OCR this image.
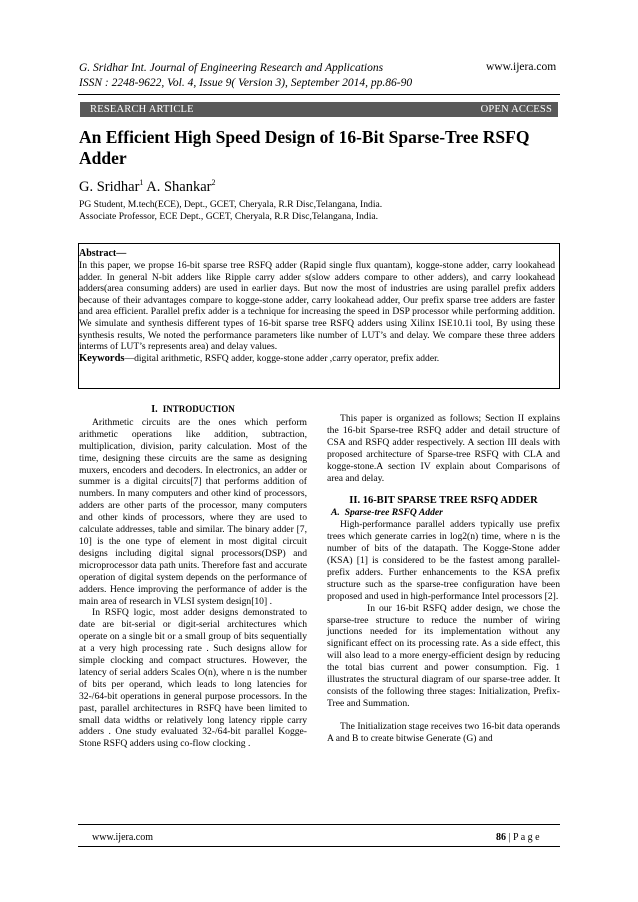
G. Sridhar Int. Journal of Engineering Research and Applications	www.ijera.com
ISSN : 2248-9622, Vol. 4, Issue 9( Version 3), September 2014, pp.86-90
RESEARCH ARTICLE	OPEN ACCESS
An Efficient High Speed Design of 16-Bit Sparse-Tree RSFQ
Adder
G. Sridhar$^1$ A. Shankar$^2$
PG Student, M.tech(ECE), Dept., GCET, Cheryala, R.R Disc,Telangana, India.
Associate Professor, ECE Dept., GCET, Cheryala, R.R Disc,Telangana, India.
Abstract—
In this paper, we propse 16-bit sparse tree RSFQ adder (Rapid single flux quantam), kogge-stone adder, carry lookahead adder. In general N-bit adders like Ripple carry adder s(slow adders compare to other adders), and carry lookahead adders(area consuming adders) are used in earlier days. But now the most of industries are using parallel prefix adders because of their advantages compare to kogge-stone adder, carry lookahead adder, Our prefix sparse tree adders are faster and area efficient. Parallel prefix adder is a technique for increasing the speed in DSP processor while performing addition. We simulate and synthesis different types of 16-bit sparse tree RSFQ adders using Xilinx ISE10.1i tool, By using these synthesis results, We noted the performance parameters like number of LUT’s and delay. We compare these three adders interms of LUT’s represents area) and delay values.
Keywords—digital arithmetic, RSFQ adder, kogge-stone adder ,carry operator, prefix adder.
I. INTRODUCTION

Arithmetic circuits are the ones which perform arithmetic operations like addition, subtraction, multiplication, division, parity calculation. Most of the time, designing these circuits are the same as designing muxers, encoders and decoders. In electronics, an adder or summer is a digital circuits[7] that performs addition of numbers. In many computers and other kind of processors, adders are other parts of the processor, many computers and other kinds of processors, where they are used to calculate addresses, table and similar. The binary adder [7, 10] is the one type of element in most digital circuit designs including digital signal processors(DSP) and microprocessor data path units. Therefore fast and accurate operation of digital system depends on the performance of adders. Hence improving the performance of adder is the main area of research in VLSI system design[10] .

In RSFQ logic, most adder designs demonstrated to date are bit-serial or digit-serial architectures which operate on a single bit or a small group of bits sequentially at a very high processing rate . Such designs allow for simple clocking and compact structures. However, the latency of serial adders Scales O(n), where n is the number of bits per operand, which leads to long latencies for 32-/64-bit operations in general purpose processors. In the past, parallel architectures in RSFQ have been limited to small data widths or relatively long latency ripple carry adders . One study evaluated 32-/64-bit parallel Kogge-Stone RSFQ adders using co-flow clocking .

This paper is organized as follows; Section II explains the 16-bit Sparse-tree RSFQ adder and detail structure of CSA and RSFQ adder respectively. A section III deals with proposed architecture of Sparse-tree RSFQ with CLA and kogge-stone.A section IV explain about Comparisons of area and delay.

II. 16-BIT SPARSE TREE RSFQ ADDER
A. Sparse-tree RSFQ Adder

High-performance parallel adders typically use prefix trees which generate carries in log2(n) time, where n is the number of bits of the datapath. The Kogge-Stone adder (KSA) [1] is considered to be the fastest among parallel-prefix adders. Further enhancements to the KSA prefix structure such as the sparse-tree configuration have been proposed and used in high-performance Intel processors [2].

In our 16-bit RSFQ adder design, we chose the sparse-tree structure to reduce the number of wiring junctions needed for its implementation without any significant effect on its processing rate. As a side effect, this will also lead to a more energy-efficient design by reducing the total bias current and power consumption. Fig. 1 illustrates the structural diagram of our sparse-tree adder. It consists of the following three stages: Initialization, Prefix-Tree and Summation.

The Initialization stage receives two 16-bit data operands A and B to create bitwise Generate (G) and

www.ijera.com	86 | P a g e
